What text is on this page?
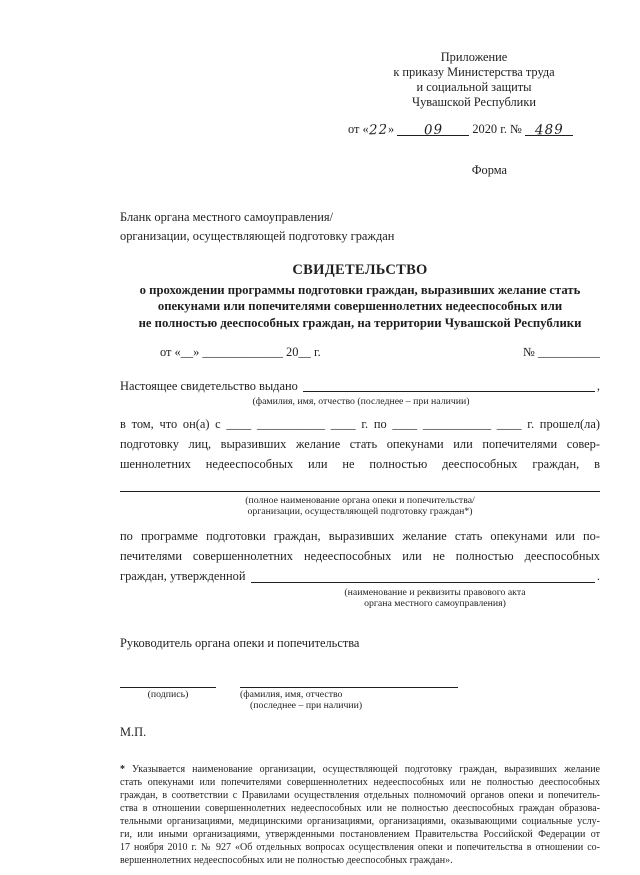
Приложение
к приказу Министерства труда
и социальной защиты
Чувашской Республики
от «22» 09 2020 г. № 489
Форма
Бланк органа местного самоуправления/
организации, осуществляющей подготовку граждан
СВИДЕТЕЛЬСТВО
о прохождении программы подготовки граждан, выразивших желание стать
опекунами или попечителями совершеннолетних недееспособных или
не полностью дееспособных граждан, на территории Чувашской Республики
от «__» _____________ 20__ г.	№ __________
Настоящее свидетельство выдано	,
(фамилия, имя, отчество (последнее – при наличии)
в том, что он(а) с ____ ___________ ____ г. по ____ ___________ ____ г. прошел(ла)
подготовку лиц, выразивших желание стать опекунами или попечителями совер-
шеннолетних недееспособных или не полностью дееспособных граждан, в
(полное наименование органа опеки и попечительства/
организации, осуществляющей подготовку граждан*)
по программе подготовки граждан, выразивших желание стать опекунами или по-
печителями совершеннолетних недееспособных или не полностью дееспособных
граждан, утвержденной	.
(наименование и реквизиты правового акта
органа местного самоуправления)
Руководитель органа опеки и попечительства
(подпись)	(фамилия, имя, отчество
(последнее – при наличии)
М.П.
* Указывается наименование организации, осуществляющей подготовку граждан, выразивших желание
стать опекунами или попечителями совершеннолетних недееспособных или не полностью дееспособных
граждан, в соответствии с Правилами осуществления отдельных полномочий органов опеки и попечитель-
ства в отношении совершеннолетних недееспособных или не полностью дееспособных граждан образова-
тельными организациями, медицинскими организациями, организациями, оказывающими социальные услу-
ги, или иными организациями, утвержденными постановлением Правительства Российской Федерации от
17 ноября 2010 г. № 927 «Об отдельных вопросах осуществления опеки и попечительства в отношении со-
вершеннолетних недееспособных или не полностью дееспособных граждан».
